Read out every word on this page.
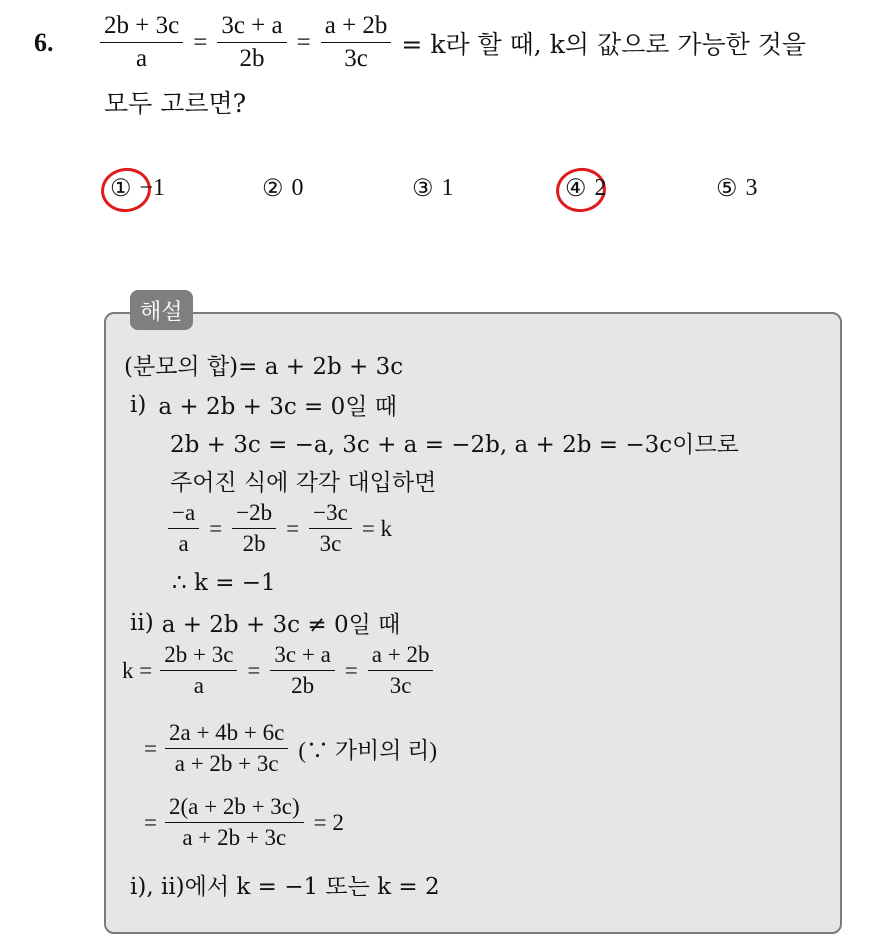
6. $\frac{2b + 3c}{a} = \frac{3c + a}{2b} = \frac{a + 2b}{3c} = k$라 할 때, k의 값으로 가능한 것을
모두 고르면?
① −1	② 0	③ 1	④ 2	⑤ 3
해설
(분모의 합)= a + 2b + 3c
ⅰ) a + 2b + 3c = 0일 때
2b + 3c = −a, 3c + a = −2b, a + 2b = −3c이므로
주어진 식에 각각 대입하면
$\frac{-a}{a} = \frac{-2b}{2b} = \frac{-3c}{3c} = k$
∴ k = −1
ⅱ) a + 2b + 3c ≠ 0일 때
$k = \frac{2b + 3c}{a} = \frac{3c + a}{2b} = \frac{a + 2b}{3c}$
= $\frac{2a + 4b + 6c}{a + 2b + 3c}$ (∵ 가비의 리)
= $\frac{2(a + 2b + 3c)}{a + 2b + 3c} = 2$
ⅰ), ⅱ)에서 k = −1 또는 k = 2
